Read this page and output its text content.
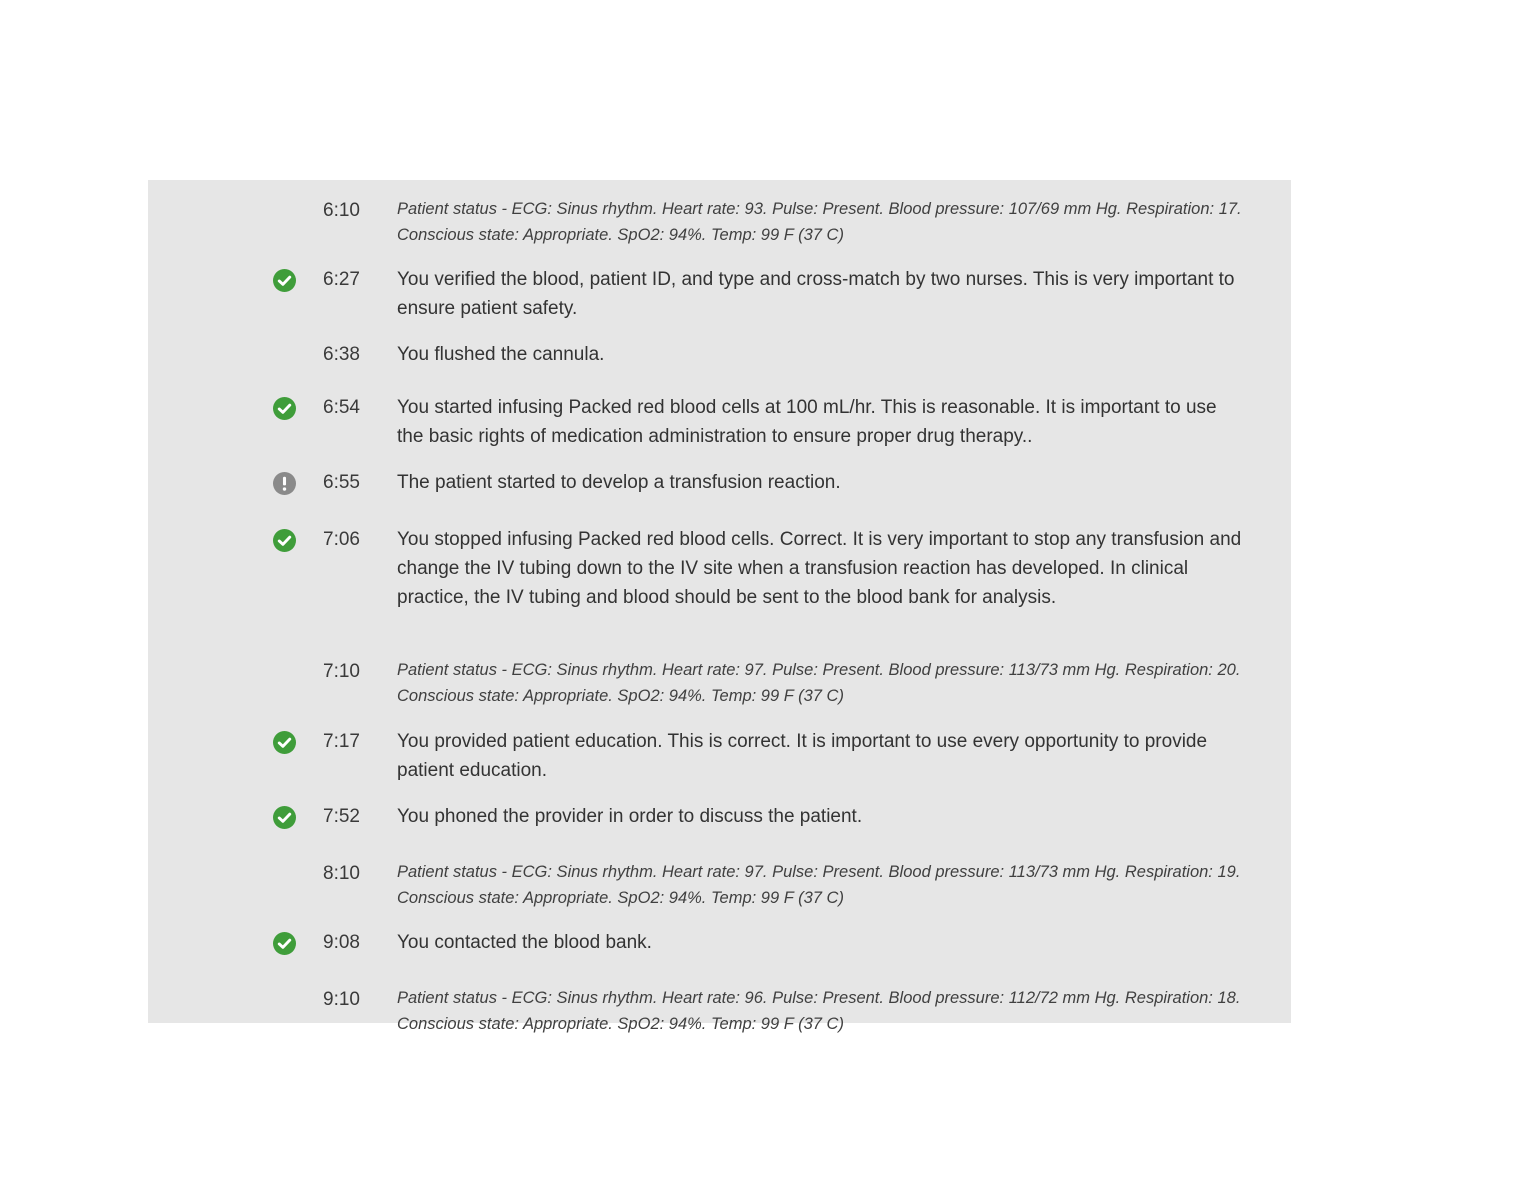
6:10	Patient status - ECG: Sinus rhythm. Heart rate: 93. Pulse: Present. Blood pressure: 107/69 mm Hg. Respiration: 17. Conscious state: Appropriate. SpO2: 94%. Temp: 99 F (37 C)
6:27	You verified the blood, patient ID, and type and cross-match by two nurses. This is very important to ensure patient safety.
6:38	You flushed the cannula.
6:54	You started infusing Packed red blood cells at 100 mL/hr. This is reasonable. It is important to use the basic rights of medication administration to ensure proper drug therapy..
6:55	The patient started to develop a transfusion reaction.
7:06	You stopped infusing Packed red blood cells. Correct. It is very important to stop any transfusion and change the IV tubing down to the IV site when a transfusion reaction has developed. In clinical practice, the IV tubing and blood should be sent to the blood bank for analysis.
7:10	Patient status - ECG: Sinus rhythm. Heart rate: 97. Pulse: Present. Blood pressure: 113/73 mm Hg. Respiration: 20. Conscious state: Appropriate. SpO2: 94%. Temp: 99 F (37 C)
7:17	You provided patient education. This is correct. It is important to use every opportunity to provide patient education.
7:52	You phoned the provider in order to discuss the patient.
8:10	Patient status - ECG: Sinus rhythm. Heart rate: 97. Pulse: Present. Blood pressure: 113/73 mm Hg. Respiration: 19. Conscious state: Appropriate. SpO2: 94%. Temp: 99 F (37 C)
9:08	You contacted the blood bank.
9:10	Patient status - ECG: Sinus rhythm. Heart rate: 96. Pulse: Present. Blood pressure: 112/72 mm Hg. Respiration: 18. Conscious state: Appropriate. SpO2: 94%. Temp: 99 F (37 C)
